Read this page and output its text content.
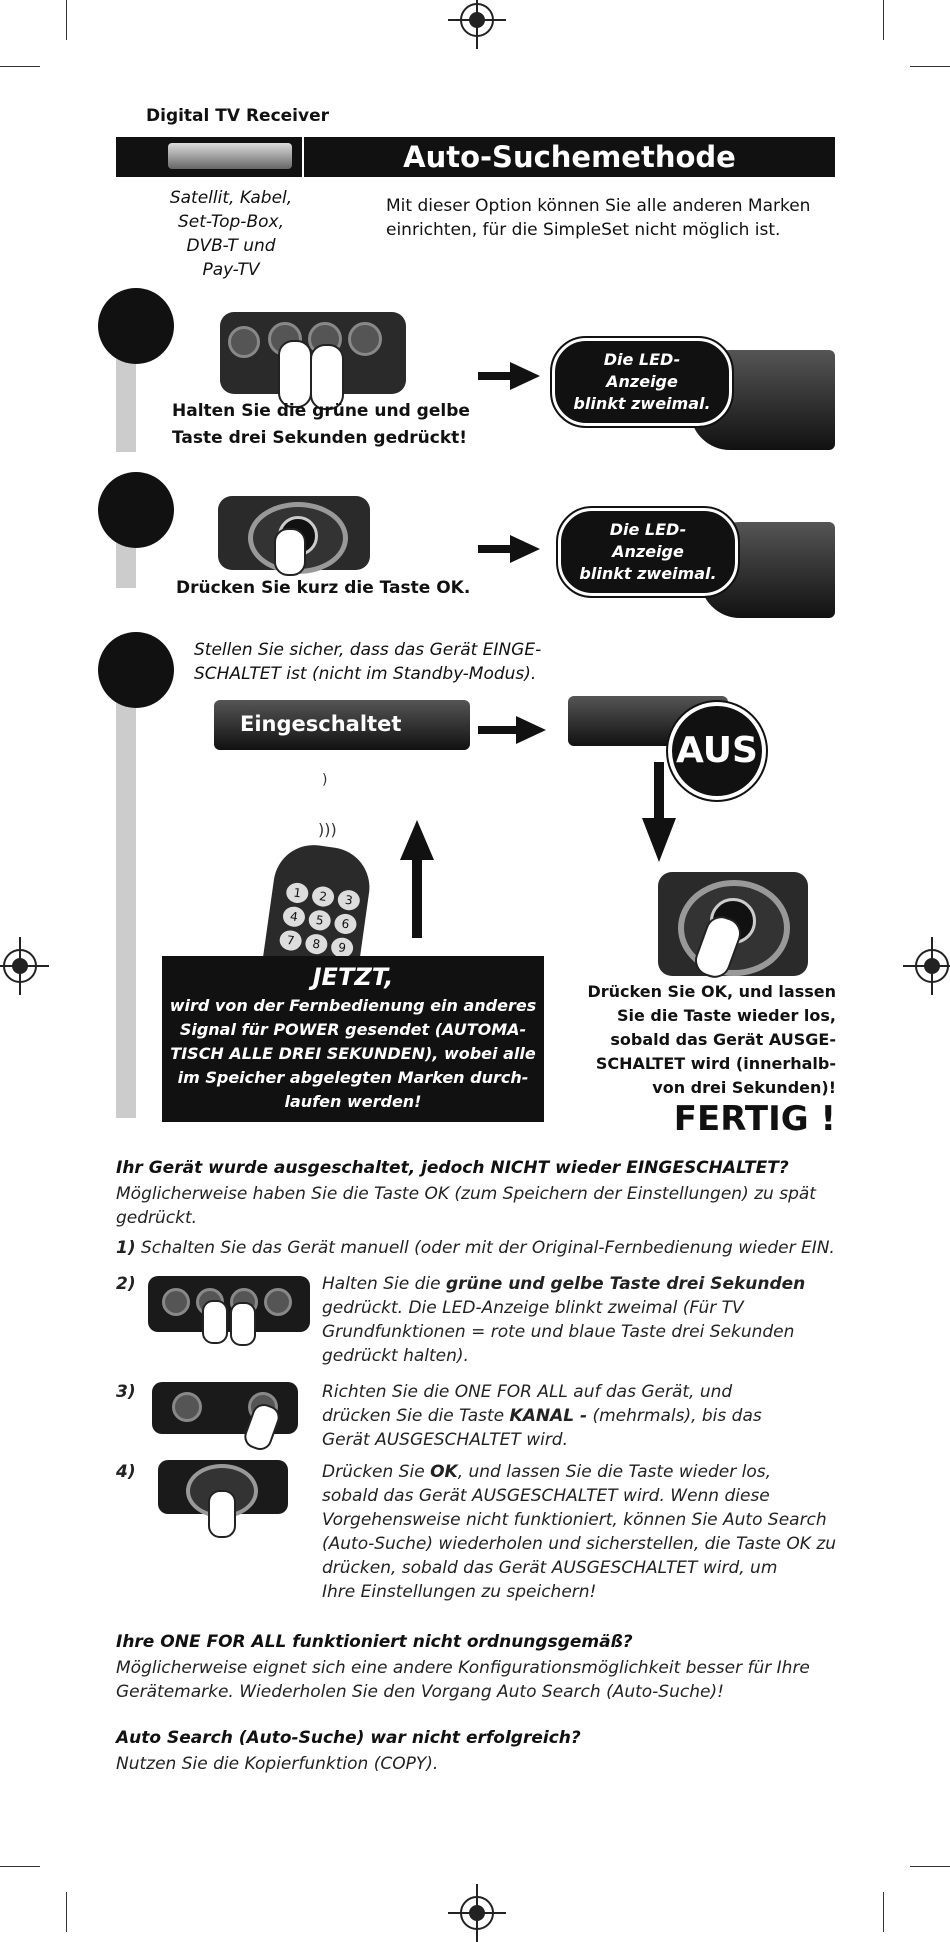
Digital TV Receiver
Auto-Suchemethode
Satellit, Kabel,
Set-Top-Box,
DVB-T und
Pay-TV
Mit dieser Option können Sie alle anderen Marken
einrichten, für die SimpleSet nicht möglich ist.
Halten Sie die grüne und gelbe
Taste drei Sekunden gedrückt!
Die LED-Anzeige
blinkt zweimal.
Drücken Sie kurz die Taste OK.
Die LED-Anzeige
blinkt zweimal.
Stellen Sie sicher, dass das Gerät EINGE-
SCHALTET ist (nicht im Standby-Modus).
Eingeschaltet
AUS
)
)))
1	2	3
4	5	6
7	8	9
JETZT,
wird von der Fernbedienung ein anderes
Signal für POWER gesendet (AUTOMA-
TISCH ALLE DREI SEKUNDEN), wobei alle
im Speicher abgelegten Marken durch-
laufen werden!
Drücken Sie OK, und lassen
Sie die Taste wieder los,
sobald das Gerät AUSGE-
SCHALTET wird (innerhalb-
von drei Sekunden)!
FERTIG !
Ihr Gerät wurde ausgeschaltet, jedoch NICHT wieder EINGESCHALTET?
Möglicherweise haben Sie die Taste OK (zum Speichern der Einstellungen) zu spät
gedrückt.
1) Schalten Sie das Gerät manuell (oder mit der Original-Fernbedienung wieder EIN.
2)	Halten Sie die grüne und gelbe Taste drei Sekunden
gedrückt. Die LED-Anzeige blinkt zweimal (Für TV
Grundfunktionen = rote und blaue Taste drei Sekunden
gedrückt halten).
3)	Richten Sie die ONE FOR ALL auf das Gerät, und
drücken Sie die Taste KANAL - (mehrmals), bis das
Gerät AUSGESCHALTET wird.
4)	Drücken Sie OK, und lassen Sie die Taste wieder los,
sobald das Gerät AUSGESCHALTET wird. Wenn diese
Vorgehensweise nicht funktioniert, können Sie Auto Search
(Auto-Suche) wiederholen und sicherstellen, die Taste OK zu
drücken, sobald das Gerät AUSGESCHALTET wird, um
Ihre Einstellungen zu speichern!
Ihre ONE FOR ALL funktioniert nicht ordnungsgemäß?
Möglicherweise eignet sich eine andere Konfigurationsmöglichkeit besser für Ihre
Gerätemarke. Wiederholen Sie den Vorgang Auto Search (Auto-Suche)!
Auto Search (Auto-Suche) war nicht erfolgreich?
Nutzen Sie die Kopierfunktion (COPY).
